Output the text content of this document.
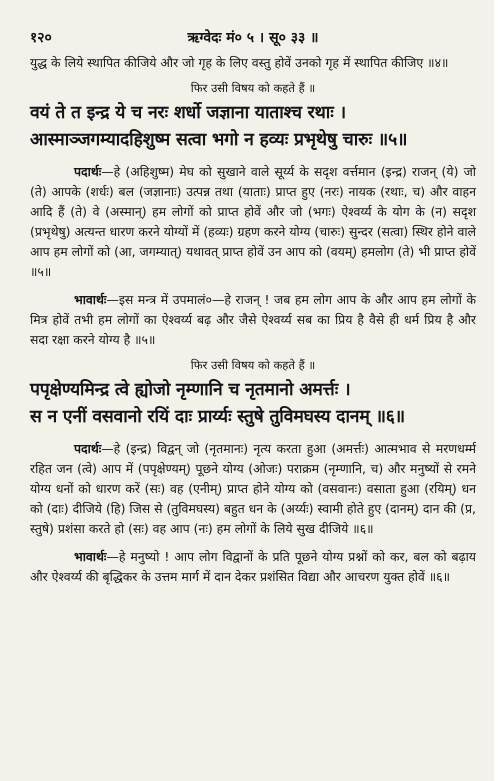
१२०	ऋग्वेदः मं० ५ । सू० ३३ ॥

युद्ध के लिये स्थापित कीजिये और जो गृह के लिए वस्तु होवें उनको गृह में स्थापित कीजिए ॥४॥

फिर उसी विषय को कहते हैं ॥

वयं ते त इन्द्र ये च नरः शर्धो जज्ञाना याताश्च रथाः ।

आस्माञ्जगम्यादहिशुष्म सत्वा भगो न हव्यः प्रभृथेषु चारुः ॥५॥

पदार्थः—हे (अहिशुष्म) मेघ को सुखाने वाले सूर्य्य के सदृश वर्त्तमान (इन्द्र) राजन् (ये) जो (ते) आपके (शर्धः) बल (जज्ञानाः) उत्पन्न तथा (याताः) प्राप्त हुए (नरः) नायक (रथाः, च) और वाहन आदि हैं (ते) वे (अस्मान्) हम लोगों को प्राप्त होवें और जो (भगः) ऐश्वर्य्य के योग के (न) सदृश (प्रभृथेषु) अत्यन्त धारण करने योग्यों में (हव्यः) ग्रहण करने योग्य (चारुः) सुन्दर (सत्वा) स्थिर होने वाले आप हम लोगों को (आ, जगम्यात्) यथावत् प्राप्त होवें उन आप को (वयम्) हमलोग (ते) भी प्राप्त होवें ॥५॥

भावार्थः—इस मन्त्र में उपमालं०—हे राजन् ! जब हम लोग आप के और आप हम लोगों के मित्र होवें तभी हम लोगों का ऐश्वर्य्य बढ़ और जैसे ऐश्वर्य्य सब का प्रिय है वैसे ही धर्म प्रिय है और सदा रक्षा करने योग्य है ॥५॥

फिर उसी विषय को कहते हैं ॥

पपृक्षेण्यमिन्द्र त्वे ह्योजो नृम्णानि च नृतमानो अमर्त्तः ।

स न एनीं वसवानो रयिं दाः प्रार्य्यः स्तुषे तुविमघस्य दानम् ॥६॥

पदार्थः—हे (इन्द्र) विद्वन् जो (नृतमानः) नृत्य करता हुआ (अमर्त्तः) आत्मभाव से मरणधर्म्म रहित जन (त्वे) आप में (पपृक्षेण्यम्) पूछने योग्य (ओजः) पराक्रम (नृम्णानि, च) और मनुष्यों से रमने योग्य धनों को धारण करें (सः) वह (एनीम्) प्राप्त होने योग्य को (वसवानः) वसाता हुआ (रयिम्) धन को (दाः) दीजिये (हि) जिस से (तुविमघस्य) बहुत धन के (अर्य्यः) स्वामी होते हुए (दानम्) दान की (प्र, स्तुषे) प्रशंसा करते हो (सः) वह आप (नः) हम लोगों के लिये सुख दीजिये ॥६॥

भावार्थः—हे मनुष्यो ! आप लोग विद्वानों के प्रति पूछने योग्य प्रश्नों को कर, बल को बढ़ाय और ऐश्वर्य्य की बृद्धिकर के उत्तम मार्ग में दान देकर प्रशंसित विद्या और आचरण युक्त होवें ॥६॥
